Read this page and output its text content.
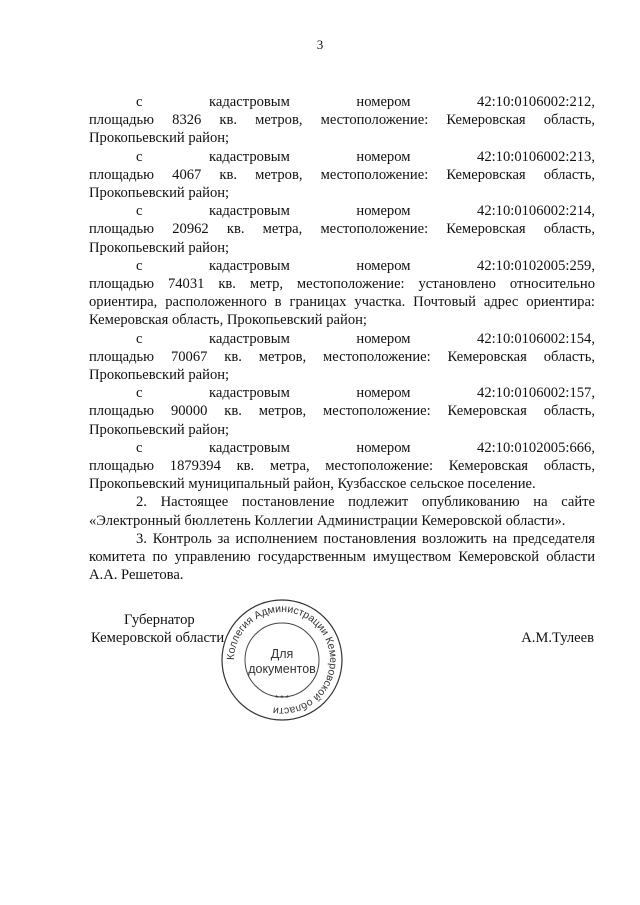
3
с	кадастровым	номером	42:10:0106002:212,
площадью 8326 кв. метров, местоположение: Кемеровская область,
Прокопьевский район;
с	кадастровым	номером	42:10:0106002:213,
площадью 4067 кв. метров, местоположение: Кемеровская область,
Прокопьевский район;
с	кадастровым	номером	42:10:0106002:214,
площадью 20962 кв. метра, местоположение: Кемеровская область,
Прокопьевский район;
с	кадастровым	номером	42:10:0102005:259,
площадью 74031 кв. метр, местоположение: установлено относительно
ориентира, расположенного в границах участка. Почтовый адрес ориентира:
Кемеровская область, Прокопьевский район;
с	кадастровым	номером	42:10:0106002:154,
площадью 70067 кв. метров, местоположение: Кемеровская область,
Прокопьевский район;
с	кадастровым	номером	42:10:0106002:157,
площадью 90000 кв. метров, местоположение: Кемеровская область,
Прокопьевский район;
с	кадастровым	номером	42:10:0102005:666,
площадью 1879394 кв. метра, местоположение: Кемеровская область,
Прокопьевский муниципальный район, Кузбасское сельское поселение.
2. Настоящее постановление подлежит опубликованию на сайте «Электронный бюллетень Коллегии Администрации Кемеровской области».
3. Контроль за исполнением постановления возложить на председателя комитета по управлению государственным имуществом Кемеровской области А.А. Решетова.
Губернатор
Кемеровской области	А.М.Тулеев
Коллегия Администрации Кемеровской области
* * *
Для
документов
